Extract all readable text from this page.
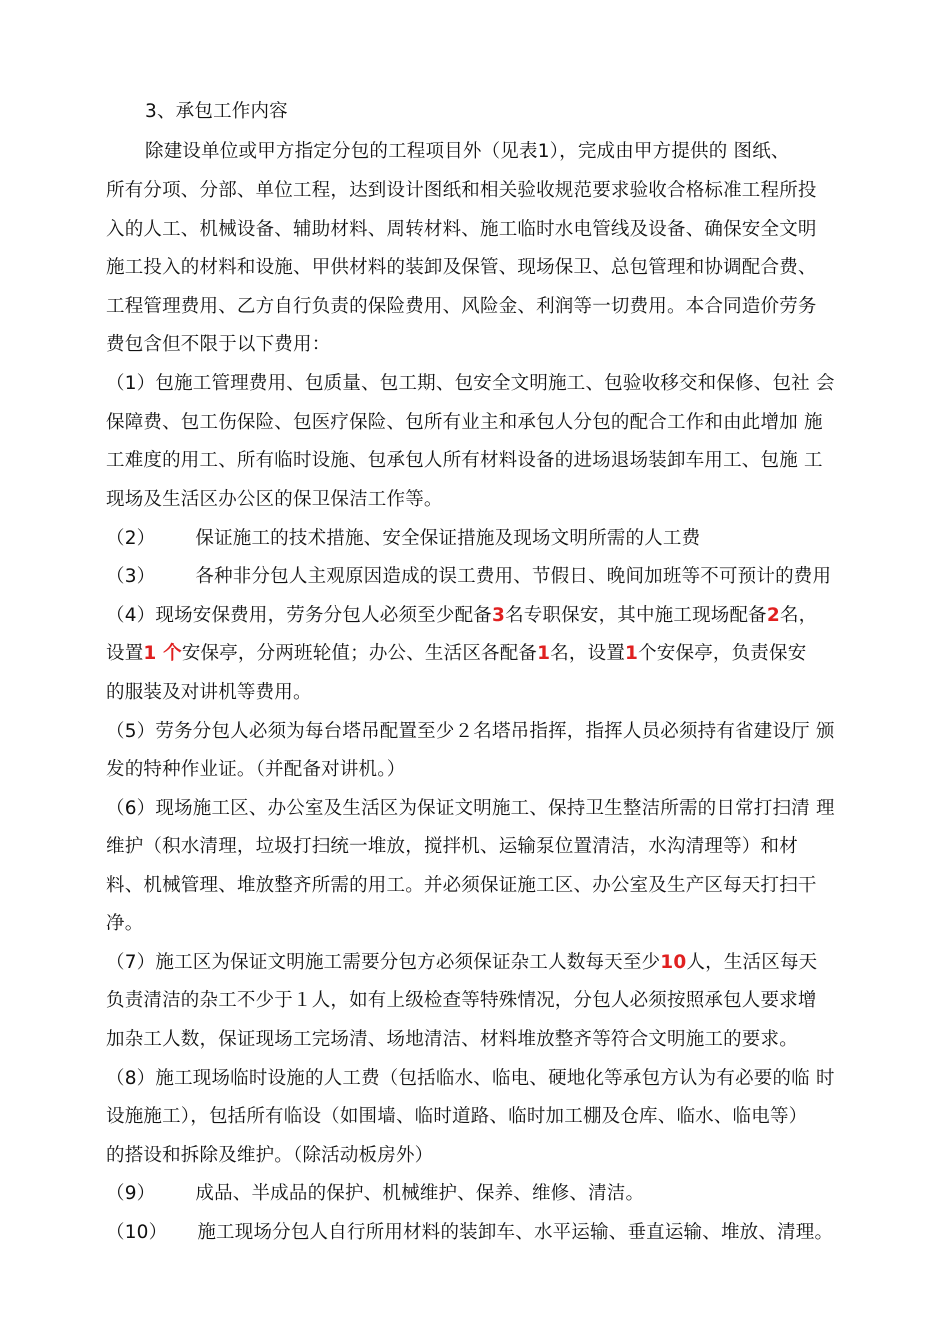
3、承包工作内容
除建设单位或甲方指定分包的工程项目外（见表1），完成由甲方提供的 图纸、
所有分项、分部、单位工程，达到设计图纸和相关验收规范要求验收合格标准工程所投
入的人工、机械设备、辅助材料、周转材料、施工临时水电管线及设备、确保安全文明
施工投入的材料和设施、甲供材料的装卸及保管、现场保卫、总包管理和协调配合费、
工程管理费用、乙方自行负责的保险费用、风险金、利润等一切费用。本合同造价劳务
费包含但不限于以下费用：
（1）包施工管理费用、包质量、包工期、包安全文明施工、包验收移交和保修、包社 会
保障费、包工伤保险、包医疗保险、包所有业主和承包人分包的配合工作和由此增加 施
工难度的用工、所有临时设施、包承包人所有材料设备的进场退场装卸车用工、包施 工
现场及生活区办公区的保卫保洁工作等。
（2） 保证施工的技术措施、安全保证措施及现场文明所需的人工费
（3） 各种非分包人主观原因造成的误工费用、节假日、晚间加班等不可预计的费用
（4）现场安保费用，劳务分包人必须至少配备3名专职保安，其中施工现场配备2名，
设置1 个安保亭，分两班轮值；办公、生活区各配备1名，设置1个安保亭，负责保安
的服装及对讲机等费用。
（5）劳务分包人必须为每台塔吊配置至少２名塔吊指挥，指挥人员必须持有省建设厅 颁
发的特种作业证。（并配备对讲机。）
（6）现场施工区、办公室及生活区为保证文明施工、保持卫生整洁所需的日常打扫清 理
维护（积水清理，垃圾打扫统一堆放，搅拌机、运输泵位置清洁，水沟清理等）和材
料、机械管理、堆放整齐所需的用工。并必须保证施工区、办公室及生产区每天打扫干
净。
（7）施工区为保证文明施工需要分包方必须保证杂工人数每天至少10人，生活区每天
负责清洁的杂工不少于１人，如有上级检查等特殊情况，分包人必须按照承包人要求增
加杂工人数，保证现场工完场清、场地清洁、材料堆放整齐等符合文明施工的要求。
（8）施工现场临时设施的人工费（包括临水、临电、硬地化等承包方认为有必要的临 时
设施施工），包括所有临设（如围墙、临时道路、临时加工棚及仓库、临水、临电等）
的搭设和拆除及维护。（除活动板房外）
（9） 成品、半成品的保护、机械维护、保养、维修、清洁。
（10） 施工现场分包人自行所用材料的装卸车、水平运输、垂直运输、堆放、清理。
